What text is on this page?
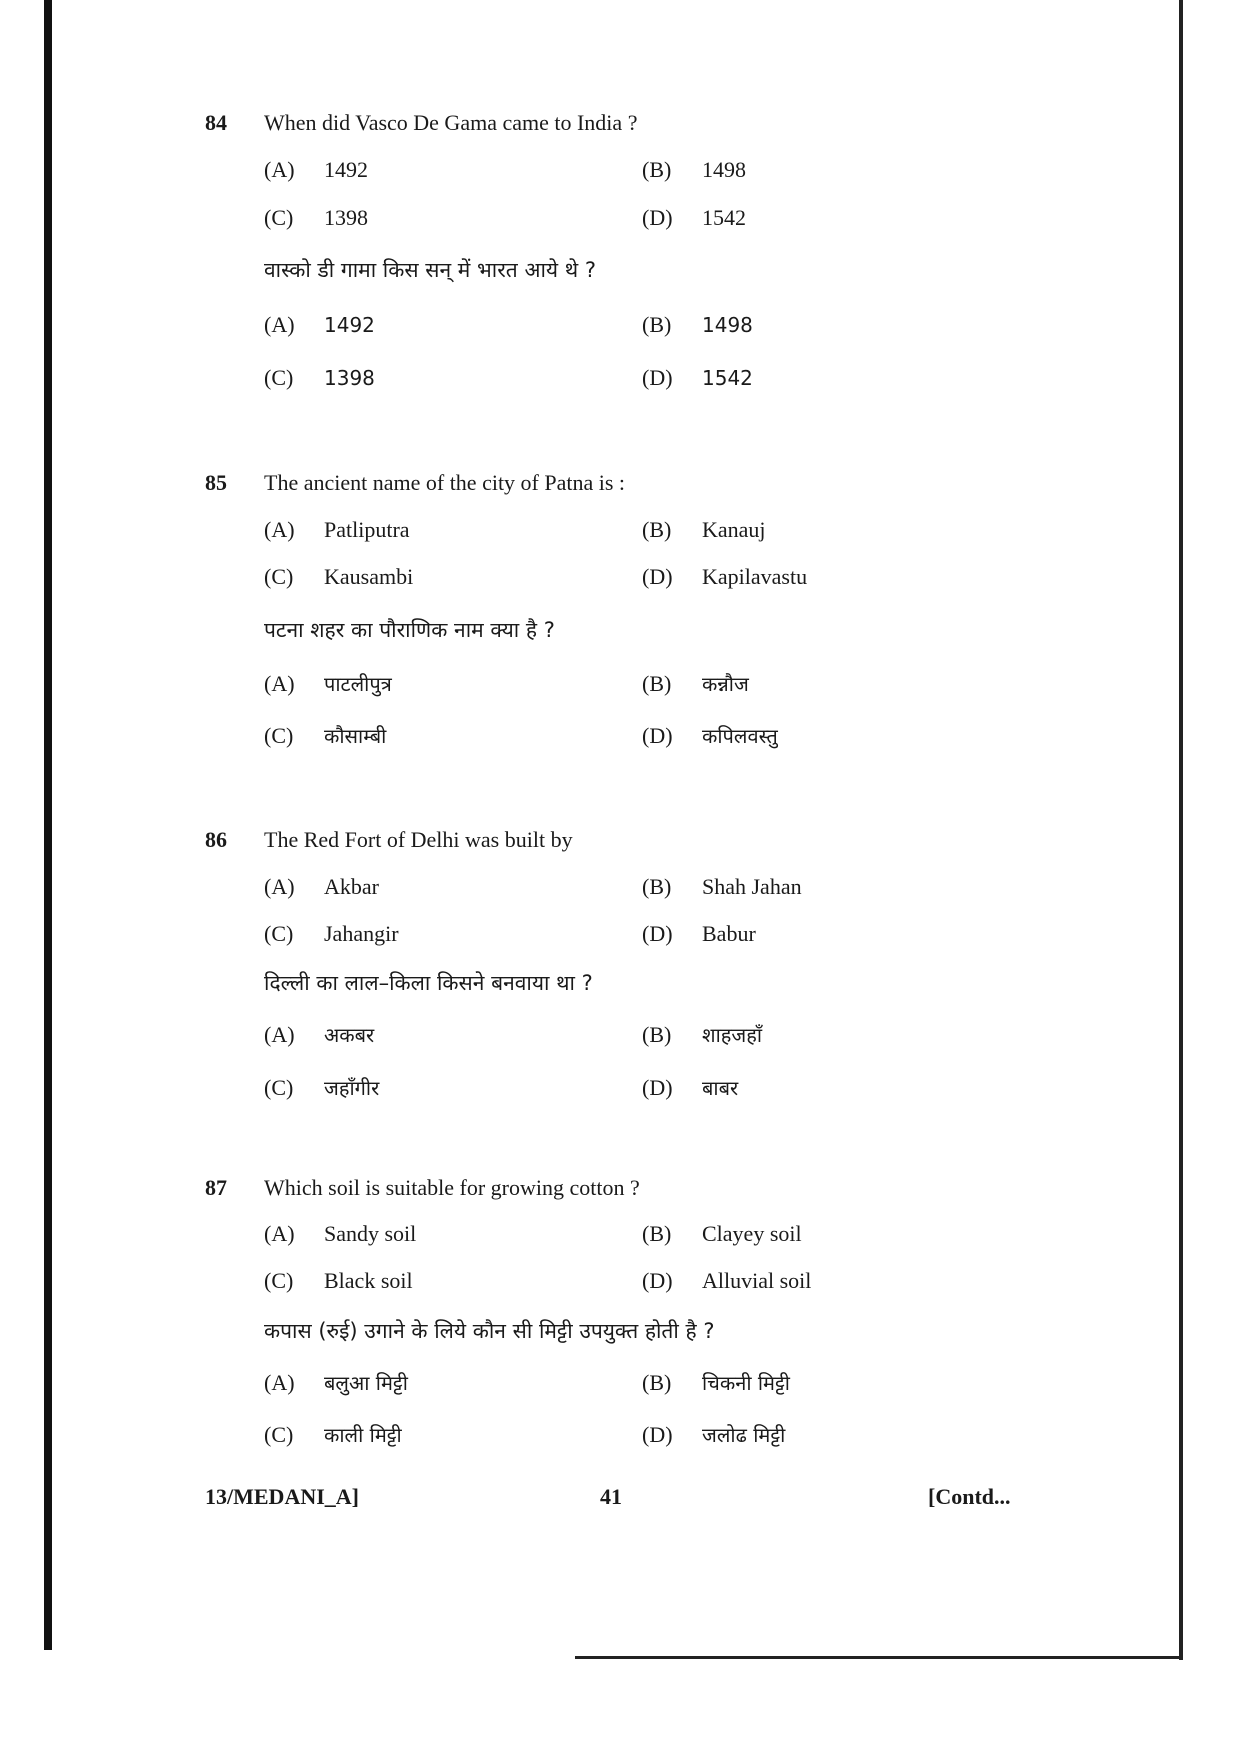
84 When did Vasco De Gama came to India ?
(A) 1492	(B) 1498
(C) 1398	(D) 1542
वास्को डी गामा किस सन् में भारत आये थे ?
(A) 1492	(B) 1498
(C) 1398	(D) 1542
85 The ancient name of the city of Patna is :
(A) Patliputra	(B) Kanauj
(C) Kausambi	(D) Kapilavastu
पटना शहर का पौराणिक नाम क्या है ?
(A) पाटलीपुत्र	(B) कन्नौज
(C) कौसाम्बी	(D) कपिलवस्तु
86 The Red Fort of Delhi was built by
(A) Akbar	(B) Shah Jahan
(C) Jahangir	(D) Babur
दिल्ली का लाल–किला किसने बनवाया था ?
(A) अकबर	(B) शाहजहाँ
(C) जहाँगीर	(D) बाबर
87 Which soil is suitable for growing cotton ?
(A) Sandy soil	(B) Clayey soil
(C) Black soil	(D) Alluvial soil
कपास (रुई) उगाने के लिये कौन सी मिट्टी उपयुक्त होती है ?
(A) बलुआ मिट्टी	(B) चिकनी मिट्टी
(C) काली मिट्टी	(D) जलोढ मिट्टी
13/MEDANI_A]	41	[Contd...
